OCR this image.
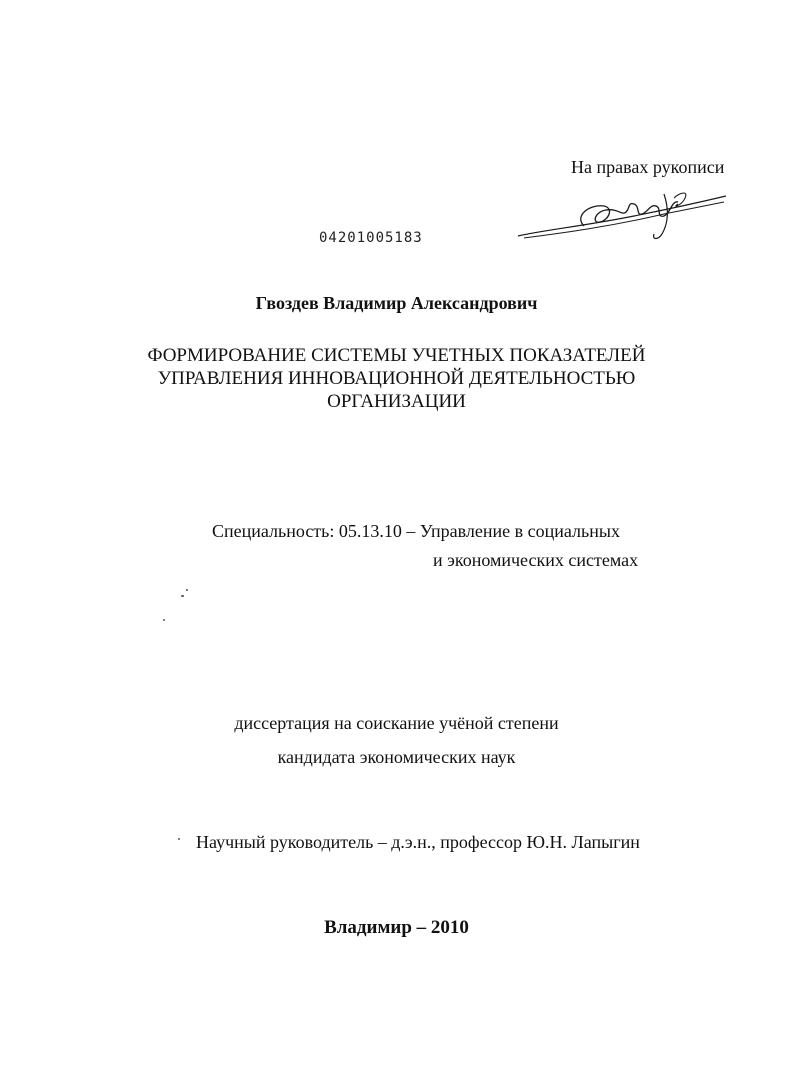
На правах рукописи
04201005183
Гвоздев Владимир Александрович
ФОРМИРОВАНИЕ СИСТЕМЫ УЧЕТНЫХ ПОКАЗАТЕЛЕЙ
УПРАВЛЕНИЯ ИННОВАЦИОННОЙ ДЕЯТЕЛЬНОСТЬЮ
ОРГАНИЗАЦИИ
Специальность: 05.13.10 – Управление в социальных
и экономических системах
диссертация на соискание учёной степени
кандидата экономических наук
Научный руководитель – д.э.н., профессор Ю.Н. Лапыгин
Владимир – 2010
